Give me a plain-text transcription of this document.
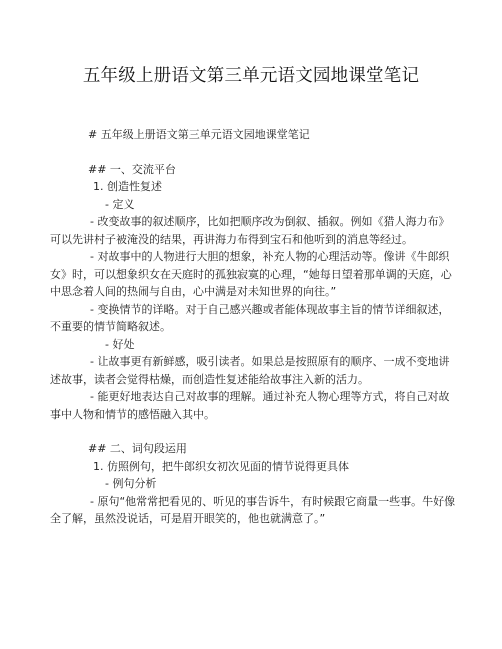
五年级上册语文第三单元语文园地课堂笔记

# 五年级上册语文第三单元语文园地课堂笔记

## 一、交流平台

1. 创造性复述

- 定义

- 改变故事的叙述顺序，比如把顺序改为倒叙、插叙。例如《猎人海力布》可以先讲村子被淹没的结果，再讲海力布得到宝石和他听到的消息等经过。

- 对故事中的人物进行大胆的想象，补充人物的心理活动等。像讲《牛郎织女》时，可以想象织女在天庭时的孤独寂寞的心理，“她每日望着那单调的天庭，心中思念着人间的热闹与自由，心中满是对未知世界的向往。”

- 变换情节的详略。对于自己感兴趣或者能体现故事主旨的情节详细叙述，不重要的情节简略叙述。

- 好处

- 让故事更有新鲜感，吸引读者。如果总是按照原有的顺序、一成不变地讲述故事，读者会觉得枯燥，而创造性复述能给故事注入新的活力。

- 能更好地表达自己对故事的理解。通过补充人物心理等方式，将自己对故事中人物和情节的感悟融入其中。

## 二、词句段运用

1. 仿照例句，把牛郎织女初次见面的情节说得更具体

- 例句分析

- 原句“他常常把看见的、听见的事告诉牛，有时候跟它商量一些事。牛好像全了解，虽然没说话，可是眉开眼笑的，他也就满意了。”
